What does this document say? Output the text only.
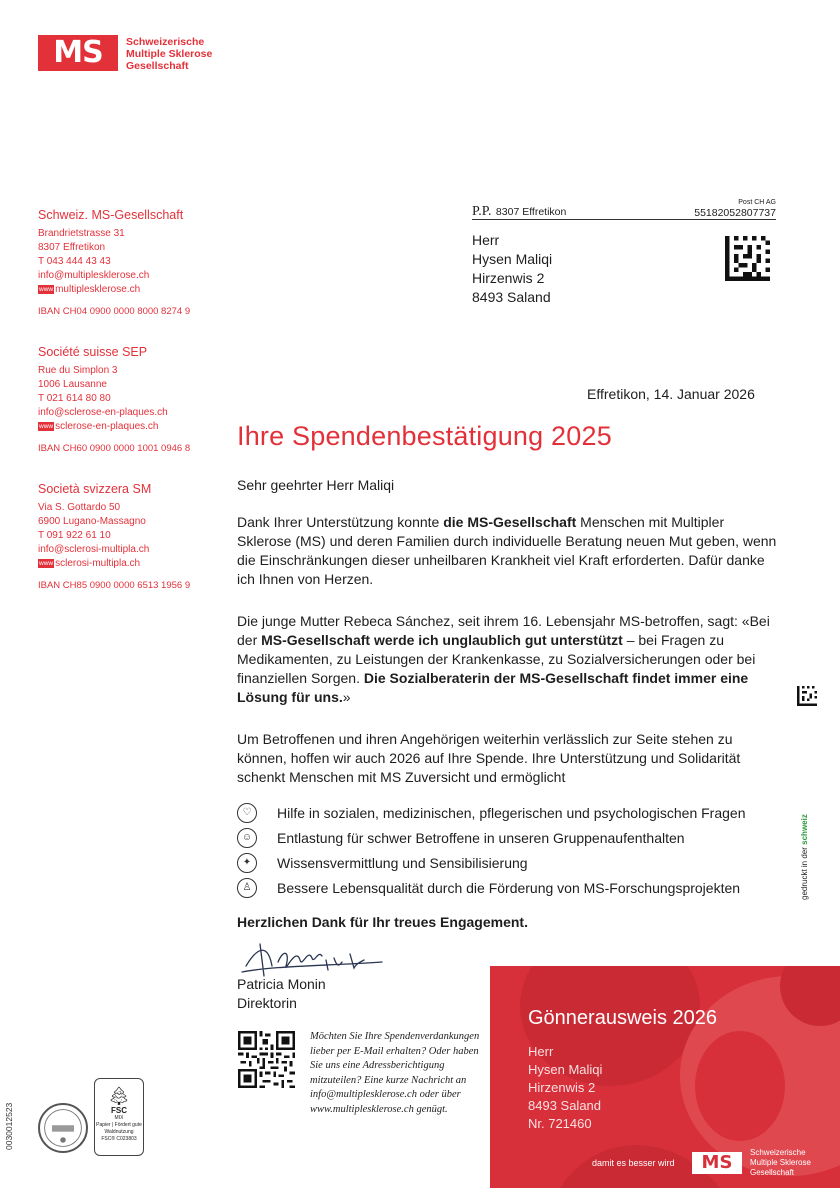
MS	Schweizerische
Multiple Sklerose
Gesellschaft
Schweiz. MS-Gesellschaft
Brandrietstrasse 31
8307 Effretikon
T 043 444 43 43
info@multiplesklerose.ch
www multiplesklerose.ch
IBAN CH04 0900 0000 8000 8274 9
Société suisse SEP
Rue du Simplon 3
1006 Lausanne
T 021 614 80 80
info@sclerose-en-plaques.ch
www sclerose-en-plaques.ch
IBAN CH60 0900 0000 1001 0946 8
Società svizzera SM
Via S. Gottardo 50
6900 Lugano-Massagno
T 091 922 61 10
info@sclerosi-multipla.ch
www sclerosi-multipla.ch
IBAN CH85 0900 0000 6513 1956 9
P.P. 8307 Effretikon
Post CH AG
55182052807737
Herr
Hysen Maliqi
Hirzenwis 2
8493 Saland
Effretikon, 14. Januar 2026
Ihre Spendenbestätigung 2025
Sehr geehrter Herr Maliqi
Dank Ihrer Unterstützung konnte die MS-Gesellschaft Menschen mit Multipler Sklerose (MS) und deren Familien durch individuelle Beratung neuen Mut geben, wenn die Einschränkungen dieser unheilbaren Krankheit viel Kraft erforderten. Dafür danke ich Ihnen von Herzen.
Die junge Mutter Rebeca Sánchez, seit ihrem 16. Lebensjahr MS-betroffen, sagt: «Bei der MS-Gesellschaft werde ich unglaublich gut unterstützt – bei Fragen zu Medikamenten, zu Leistungen der Krankenkasse, zu Sozialversicherungen oder bei finanziellen Sorgen. Die Sozialberaterin der MS-Gesellschaft findet immer eine Lösung für uns.»
Um Betroffenen und ihren Angehörigen weiterhin verlässlich zur Seite stehen zu können, hoffen wir auch 2026 auf Ihre Spende. Ihre Unterstützung und Solidarität schenkt Menschen mit MS Zuversicht und ermöglicht
♡	Hilfe in sozialen, medizinischen, pflegerischen und psychologischen Fragen
☺	Entlastung für schwer Betroffene in unseren Gruppenaufenthalten
✦	Wissensvermittlung und Sensibilisierung
♙	Bessere Lebensqualität durch die Förderung von MS-Forschungsprojekten
Herzlichen Dank für Ihr treues Engagement.
Patricia Monin
Direktorin
Möchten Sie Ihre Spendenverdankungen lieber per E-Mail erhalten? Oder haben Sie uns eine Adressberichtigung mitzuteilen? Eine kurze Nachricht an info@multiplesklerose.ch oder über www.multiplesklerose.ch genügt.
🌲︎
FSC
MIX
Papier | Fördert gute Waldnutzung
FSC® C023803
0030012523
gedruckt in der schweiz
Gönnerausweis 2026
Herr
Hysen Maliqi
Hirzenwis 2
8493 Saland
Nr. 721460
damit es besser wird	MS	Schweizerische
Multiple Sklerose
Gesellschaft
